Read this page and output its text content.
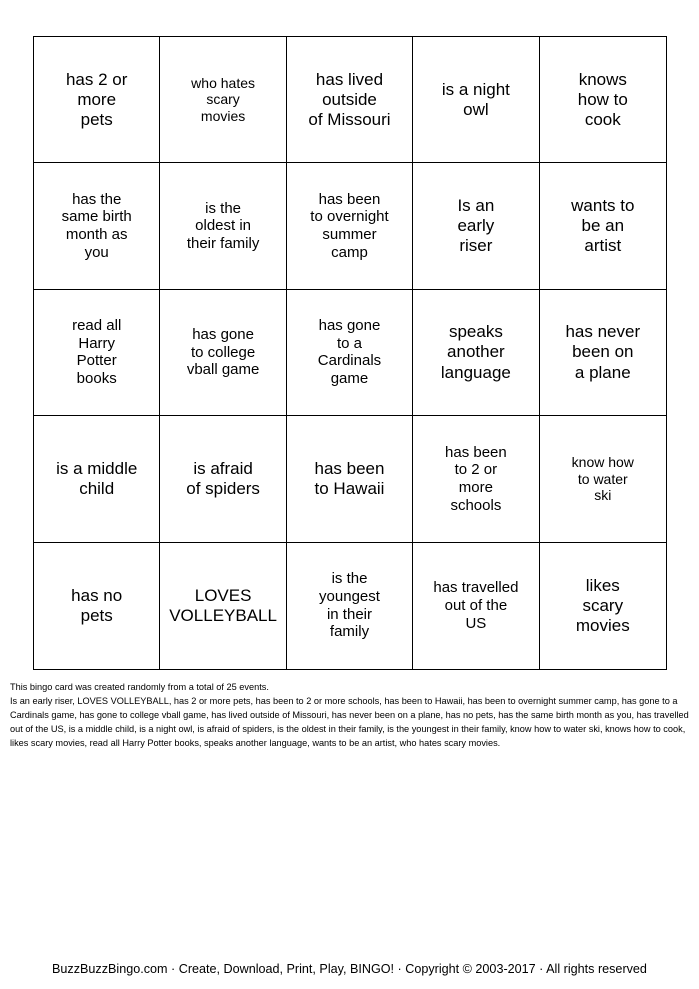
has 2 or
more
pets
who hates
scary
movies
has lived
outside
of Missouri
is a night
owl
knows
how to
cook
has the
same birth
month as
you
is the
oldest in
their family
has been
to overnight
summer
camp
Is an
early
riser
wants to
be an
artist
read all
Harry
Potter
books
has gone
to college
vball game
has gone
to a
Cardinals
game
speaks
another
language
has never
been on
a plane
is a middle
child
is afraid
of spiders
has been
to Hawaii
has been
to 2 or
more
schools
know how
to water
ski
has no
pets
LOVES
VOLLEYBALL
is the
youngest
in their
family
has travelled
out of the
US
likes
scary
movies

This bingo card was created randomly from a total of 25 events.

Is an early riser, LOVES VOLLEYBALL, has 2 or more pets, has been to 2 or more schools, has been to Hawaii, has been to overnight summer camp, has gone to a Cardinals game, has gone to college vball game, has lived outside of Missouri, has never been on a plane, has no pets, has the same birth month as you, has travelled out of the US, is a middle child, is a night owl, is afraid of spiders, is the oldest in their family, is the youngest in their family, know how to water ski, knows how to cook, likes scary movies, read all Harry Potter books, speaks another language, wants to be an artist, who hates scary movies.

BuzzBuzzBingo.com · Create, Download, Print, Play, BINGO! · Copyright © 2003-2017 · All rights reserved
